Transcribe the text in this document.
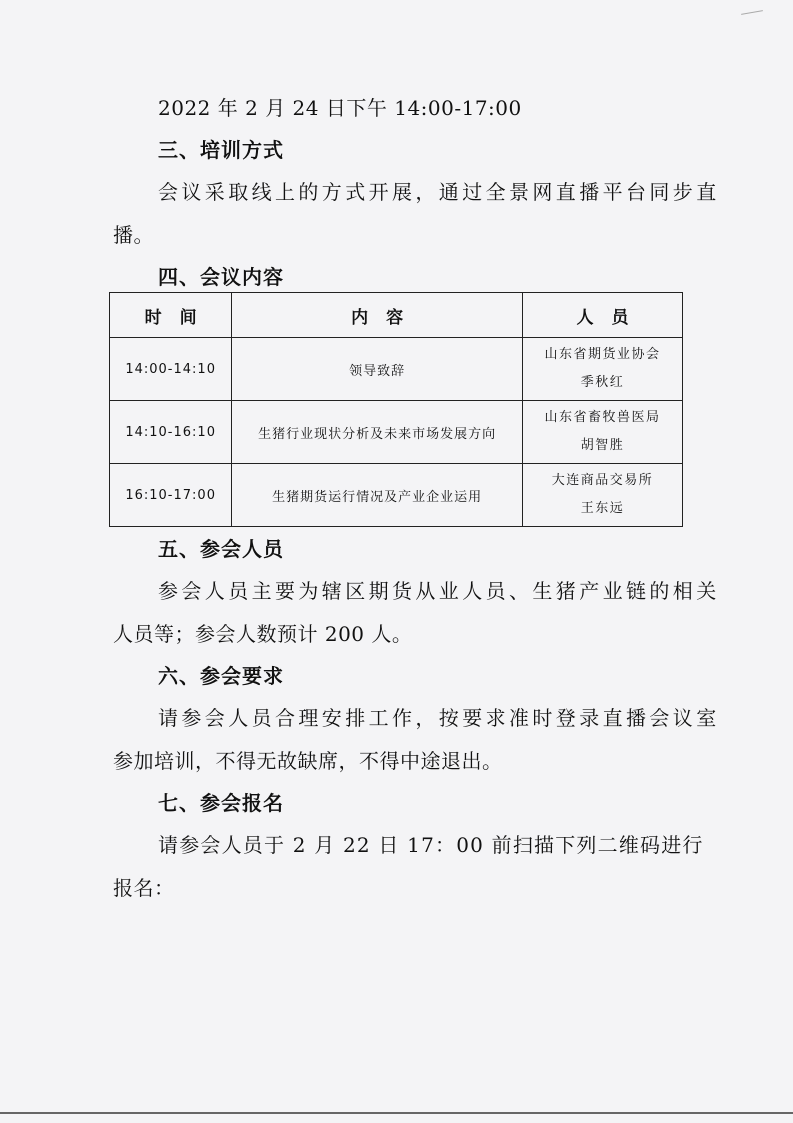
2022 年 2 月 24 日下午 14:00-17:00
三、培训方式
会议采取线上的方式开展，通过全景网直播平台同步直
播。
四、会议内容
时间	内容	人员
14:00-14:10	领导致辞	山东省期货业协会
季秋红

14:10-16:10	生猪行业现状分析及未来市场发展方向	山东省畜牧兽医局
胡智胜

16:10-17:00	生猪期货运行情况及产业企业运用	大连商品交易所
王东远
五、参会人员
参会人员主要为辖区期货从业人员、生猪产业链的相关
人员等；参会人数预计 200 人。
六、参会要求
请参会人员合理安排工作，按要求准时登录直播会议室
参加培训，不得无故缺席，不得中途退出。
七、参会报名
请参会人员于 2 月 22 日 17：00 前扫描下列二维码进行
报名：
